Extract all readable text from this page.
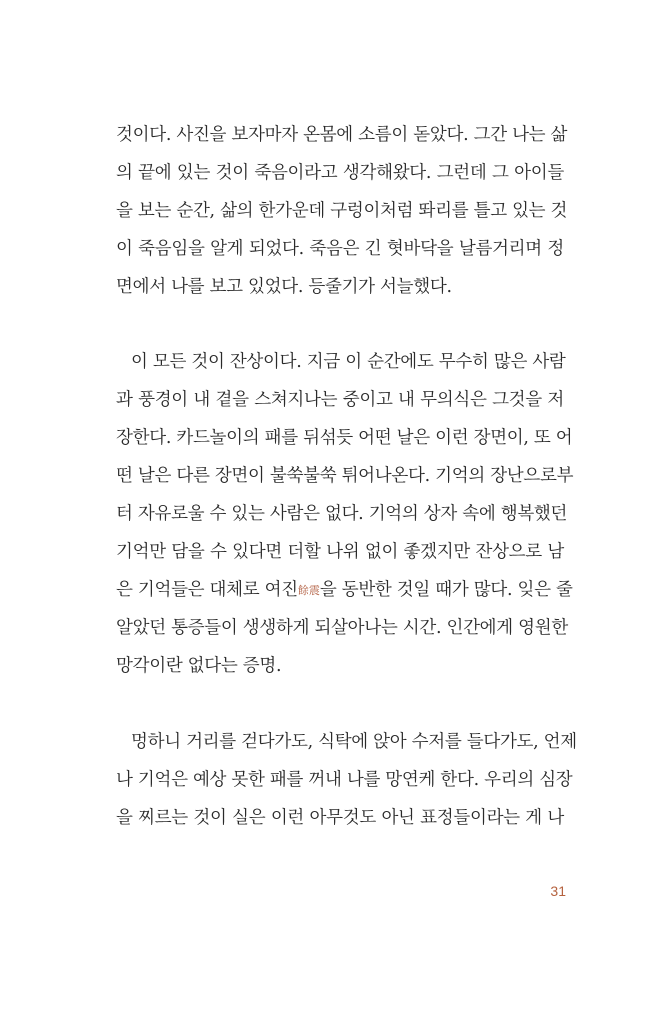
것이다. 사진을 보자마자 온몸에 소름이 돋았다. 그간 나는 삶
의 끝에 있는 것이 죽음이라고 생각해왔다. 그런데 그 아이들
을 보는 순간, 삶의 한가운데 구렁이처럼 똬리를 틀고 있는 것
이 죽음임을 알게 되었다. 죽음은 긴 혓바닥을 날름거리며 정
면에서 나를 보고 있었다. 등줄기가 서늘했다.
이 모든 것이 잔상이다. 지금 이 순간에도 무수히 많은 사람
과 풍경이 내 곁을 스쳐지나는 중이고 내 무의식은 그것을 저
장한다. 카드놀이의 패를 뒤섞듯 어떤 날은 이런 장면이, 또 어
떤 날은 다른 장면이 불쑥불쑥 튀어나온다. 기억의 장난으로부
터 자유로울 수 있는 사람은 없다. 기억의 상자 속에 행복했던
기억만 담을 수 있다면 더할 나위 없이 좋겠지만 잔상으로 남
은 기억들은 대체로 여진餘震을 동반한 것일 때가 많다. 잊은 줄
알았던 통증들이 생생하게 되살아나는 시간. 인간에게 영원한
망각이란 없다는 증명.
멍하니 거리를 걷다가도, 식탁에 앉아 수저를 들다가도, 언제
나 기억은 예상 못한 패를 꺼내 나를 망연케 한다. 우리의 심장
을 찌르는 것이 실은 이런 아무것도 아닌 표정들이라는 게 나
31
